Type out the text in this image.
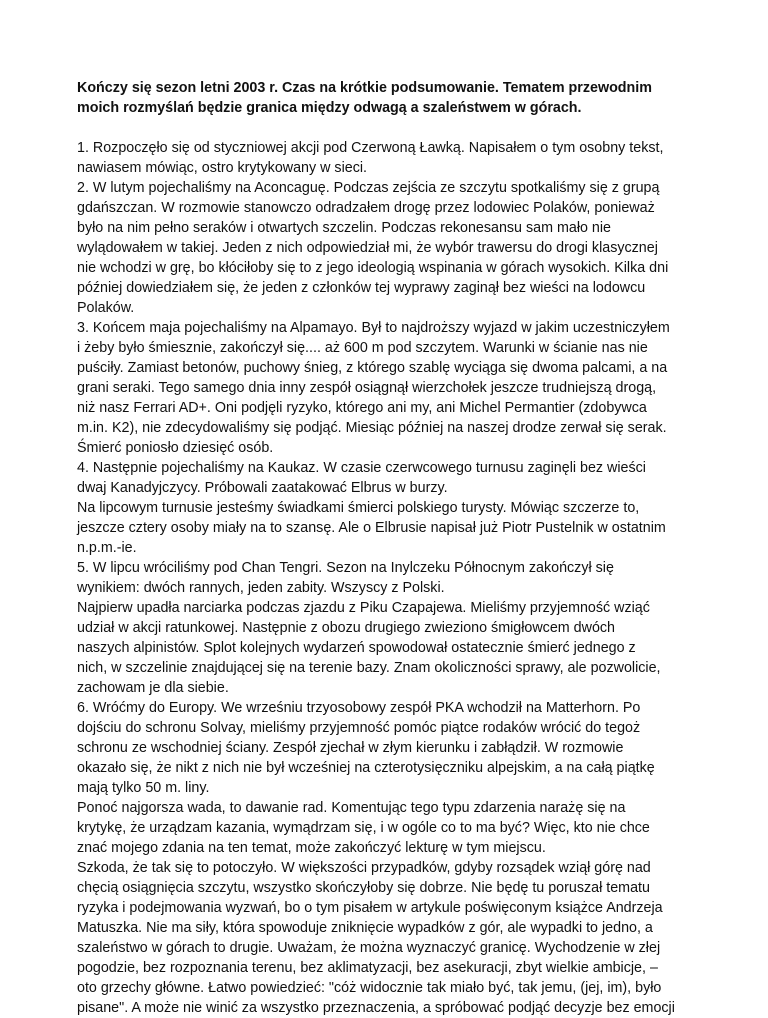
Kończy się sezon letni 2003 r. Czas na krótkie podsumowanie. Tematem przewodnim
moich rozmyślań będzie granica między odwagą a szaleństwem w górach.

1. Rozpoczęło się od styczniowej akcji pod Czerwoną Ławką. Napisałem o tym osobny tekst,
nawiasem mówiąc, ostro krytykowany w sieci.

2. W lutym pojechaliśmy na Aconcaguę. Podczas zejścia ze szczytu spotkaliśmy się z grupą
gdańszczan. W rozmowie stanowczo odradzałem drogę przez lodowiec Polaków, ponieważ
było na nim pełno seraków i otwartych szczelin. Podczas rekonesansu sam mało nie
wylądowałem w takiej. Jeden z nich odpowiedział mi, że wybór trawersu do drogi klasycznej
nie wchodzi w grę, bo kłóciłoby się to z jego ideologią wspinania w górach wysokich. Kilka dni
później dowiedziałem się, że jeden z członków tej wyprawy zaginął bez wieści na lodowcu
Polaków.

3. Końcem maja pojechaliśmy na Alpamayo. Był to najdroższy wyjazd w jakim uczestniczyłem
i żeby było śmiesznie, zakończył się.... aż 600 m pod szczytem. Warunki w ścianie nas nie
puściły. Zamiast betonów, puchowy śnieg, z którego szablę wyciąga się dwoma palcami, a na
grani seraki. Tego samego dnia inny zespół osiągnął wierzchołek jeszcze trudniejszą drogą,
niż nasz Ferrari AD+. Oni podjęli ryzyko, którego ani my, ani Michel Permantier (zdobywca
m.in. K2), nie zdecydowaliśmy się podjąć. Miesiąc później na naszej drodze zerwał się serak.
Śmierć poniosło dziesięć osób.

4. Następnie pojechaliśmy na Kaukaz. W czasie czerwcowego turnusu zaginęli bez wieści
dwaj Kanadyjczycy. Próbowali zaatakować Elbrus w burzy.

Na lipcowym turnusie jesteśmy świadkami śmierci polskiego turysty. Mówiąc szczerze to,
jeszcze cztery osoby miały na to szansę. Ale o Elbrusie napisał już Piotr Pustelnik w ostatnim
n.p.m.-ie.

5. W lipcu wróciliśmy pod Chan Tengri. Sezon na Inylczeku Północnym zakończył się
wynikiem: dwóch rannych, jeden zabity. Wszyscy z Polski.

Najpierw upadła narciarka podczas zjazdu z Piku Czapajewa. Mieliśmy przyjemność wziąć
udział w akcji ratunkowej. Następnie z obozu drugiego zwieziono śmigłowcem dwóch
naszych alpinistów. Splot kolejnych wydarzeń spowodował ostatecznie śmierć jednego z
nich, w szczelinie znajdującej się na terenie bazy. Znam okoliczności sprawy, ale pozwolicie,
zachowam je dla siebie.

6. Wróćmy do Europy. We wrześniu trzyosobowy zespół PKA wchodził na Matterhorn. Po
dojściu do schronu Solvay, mieliśmy przyjemność pomóc piątce rodaków wrócić do tegoż
schronu ze wschodniej ściany. Zespół zjechał w złym kierunku i zabłądził. W rozmowie
okazało się, że nikt z nich nie był wcześniej na czterotysięczniku alpejskim, a na całą piątkę
mają tylko 50 m. liny.

Ponoć najgorsza wada, to dawanie rad. Komentując tego typu zdarzenia narażę się na
krytykę, że urządzam kazania, wymądrzam się, i w ogóle co to ma być? Więc, kto nie chce
znać mojego zdania na ten temat, może zakończyć lekturę w tym miejscu.

Szkoda, że tak się to potoczyło. W większości przypadków, gdyby rozsądek wziął górę nad
chęcią osiągnięcia szczytu, wszystko skończyłoby się dobrze. Nie będę tu poruszał tematu
ryzyka i podejmowania wyzwań, bo o tym pisałem w artykule poświęconym książce Andrzeja
Matuszka. Nie ma siły, która spowoduje zniknięcie wypadków z gór, ale wypadki to jedno, a
szaleństwo w górach to drugie. Uważam, że można wyznaczyć granicę. Wychodzenie w złej
pogodzie, bez rozpoznania terenu, bez aklimatyzacji, bez asekuracji, zbyt wielkie ambicje, –
oto grzechy główne. Łatwo powiedzieć: "cóż widocznie tak miało być, tak jemu, (jej, im), było
pisane". A może nie winić za wszystko przeznaczenia, a spróbować podjąć decyzje bez emocji
